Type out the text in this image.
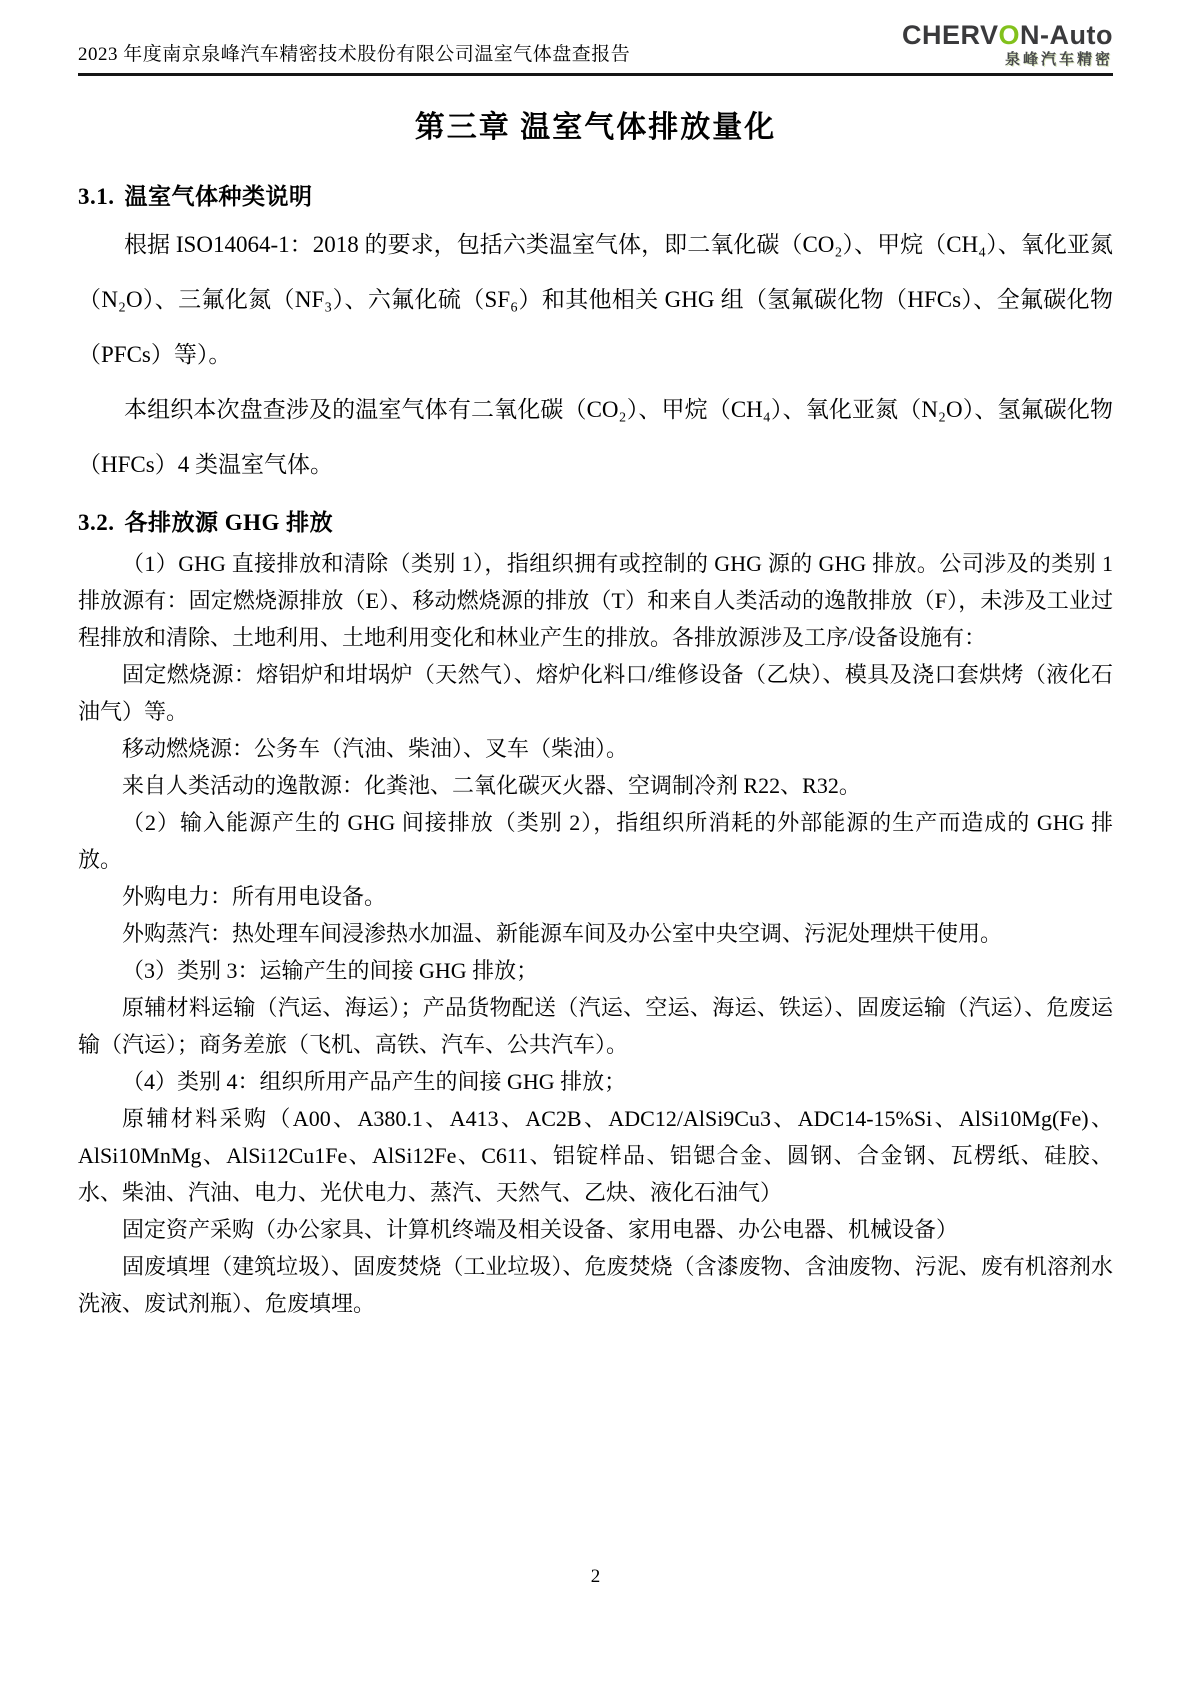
2023 年度南京泉峰汽车精密技术股份有限公司温室气体盘查报告
CHERVON-Auto
泉峰汽车精密
第三章 温室气体排放量化
3.1. 温室气体种类说明

根据 ISO14064-1：2018 的要求，包括六类温室气体，即二氧化碳（CO₂）、甲烷（CH₄）、氧化亚氮（N₂O）、三氟化氮（NF₃）、六氟化硫（SF₆）和其他相关 GHG 组（氢氟碳化物（HFCs）、全氟碳化物（PFCs）等）。

本组织本次盘查涉及的温室气体有二氧化碳（CO₂）、甲烷（CH₄）、氧化亚氮（N₂O）、氢氟碳化物（HFCs）4 类温室气体。

3.2. 各排放源 GHG 排放

（1）GHG 直接排放和清除（类别 1），指组织拥有或控制的 GHG 源的 GHG 排放。公司涉及的类别 1 排放源有：固定燃烧源排放（E）、移动燃烧源的排放（T）和来自人类活动的逸散排放（F），未涉及工业过程排放和清除、土地利用、土地利用变化和林业产生的排放。各排放源涉及工序/设备设施有：

固定燃烧源：熔铝炉和坩埚炉（天然气）、熔炉化料口/维修设备（乙炔）、模具及浇口套烘烤（液化石油气）等。

移动燃烧源：公务车（汽油、柴油）、叉车（柴油）。

来自人类活动的逸散源：化粪池、二氧化碳灭火器、空调制冷剂 R22、R32。

（2）输入能源产生的 GHG 间接排放（类别 2），指组织所消耗的外部能源的生产而造成的 GHG 排放。

外购电力：所有用电设备。

外购蒸汽：热处理车间浸渗热水加温、新能源车间及办公室中央空调、污泥处理烘干使用。

（3）类别 3：运输产生的间接 GHG 排放；

原辅材料运输（汽运、海运）；产品货物配送（汽运、空运、海运、铁运）、固废运输（汽运）、危废运输（汽运）；商务差旅（飞机、高铁、汽车、公共汽车）。

（4）类别 4：组织所用产品产生的间接 GHG 排放；

原辅材料采购（A00、A380.1、A413、AC2B、ADC12/AlSi9Cu3、ADC14-15%Si、AlSi10Mg(Fe)、AlSi10MnMg、AlSi12Cu1Fe、AlSi12Fe、C611、铝锭样品、铝锶合金、圆钢、合金钢、瓦楞纸、硅胶、水、柴油、汽油、电力、光伏电力、蒸汽、天然气、乙炔、液化石油气）

固定资产采购（办公家具、计算机终端及相关设备、家用电器、办公电器、机械设备）

固废填埋（建筑垃圾）、固废焚烧（工业垃圾）、危废焚烧（含漆废物、含油废物、污泥、废有机溶剂水洗液、废试剂瓶）、危废填埋。

2
